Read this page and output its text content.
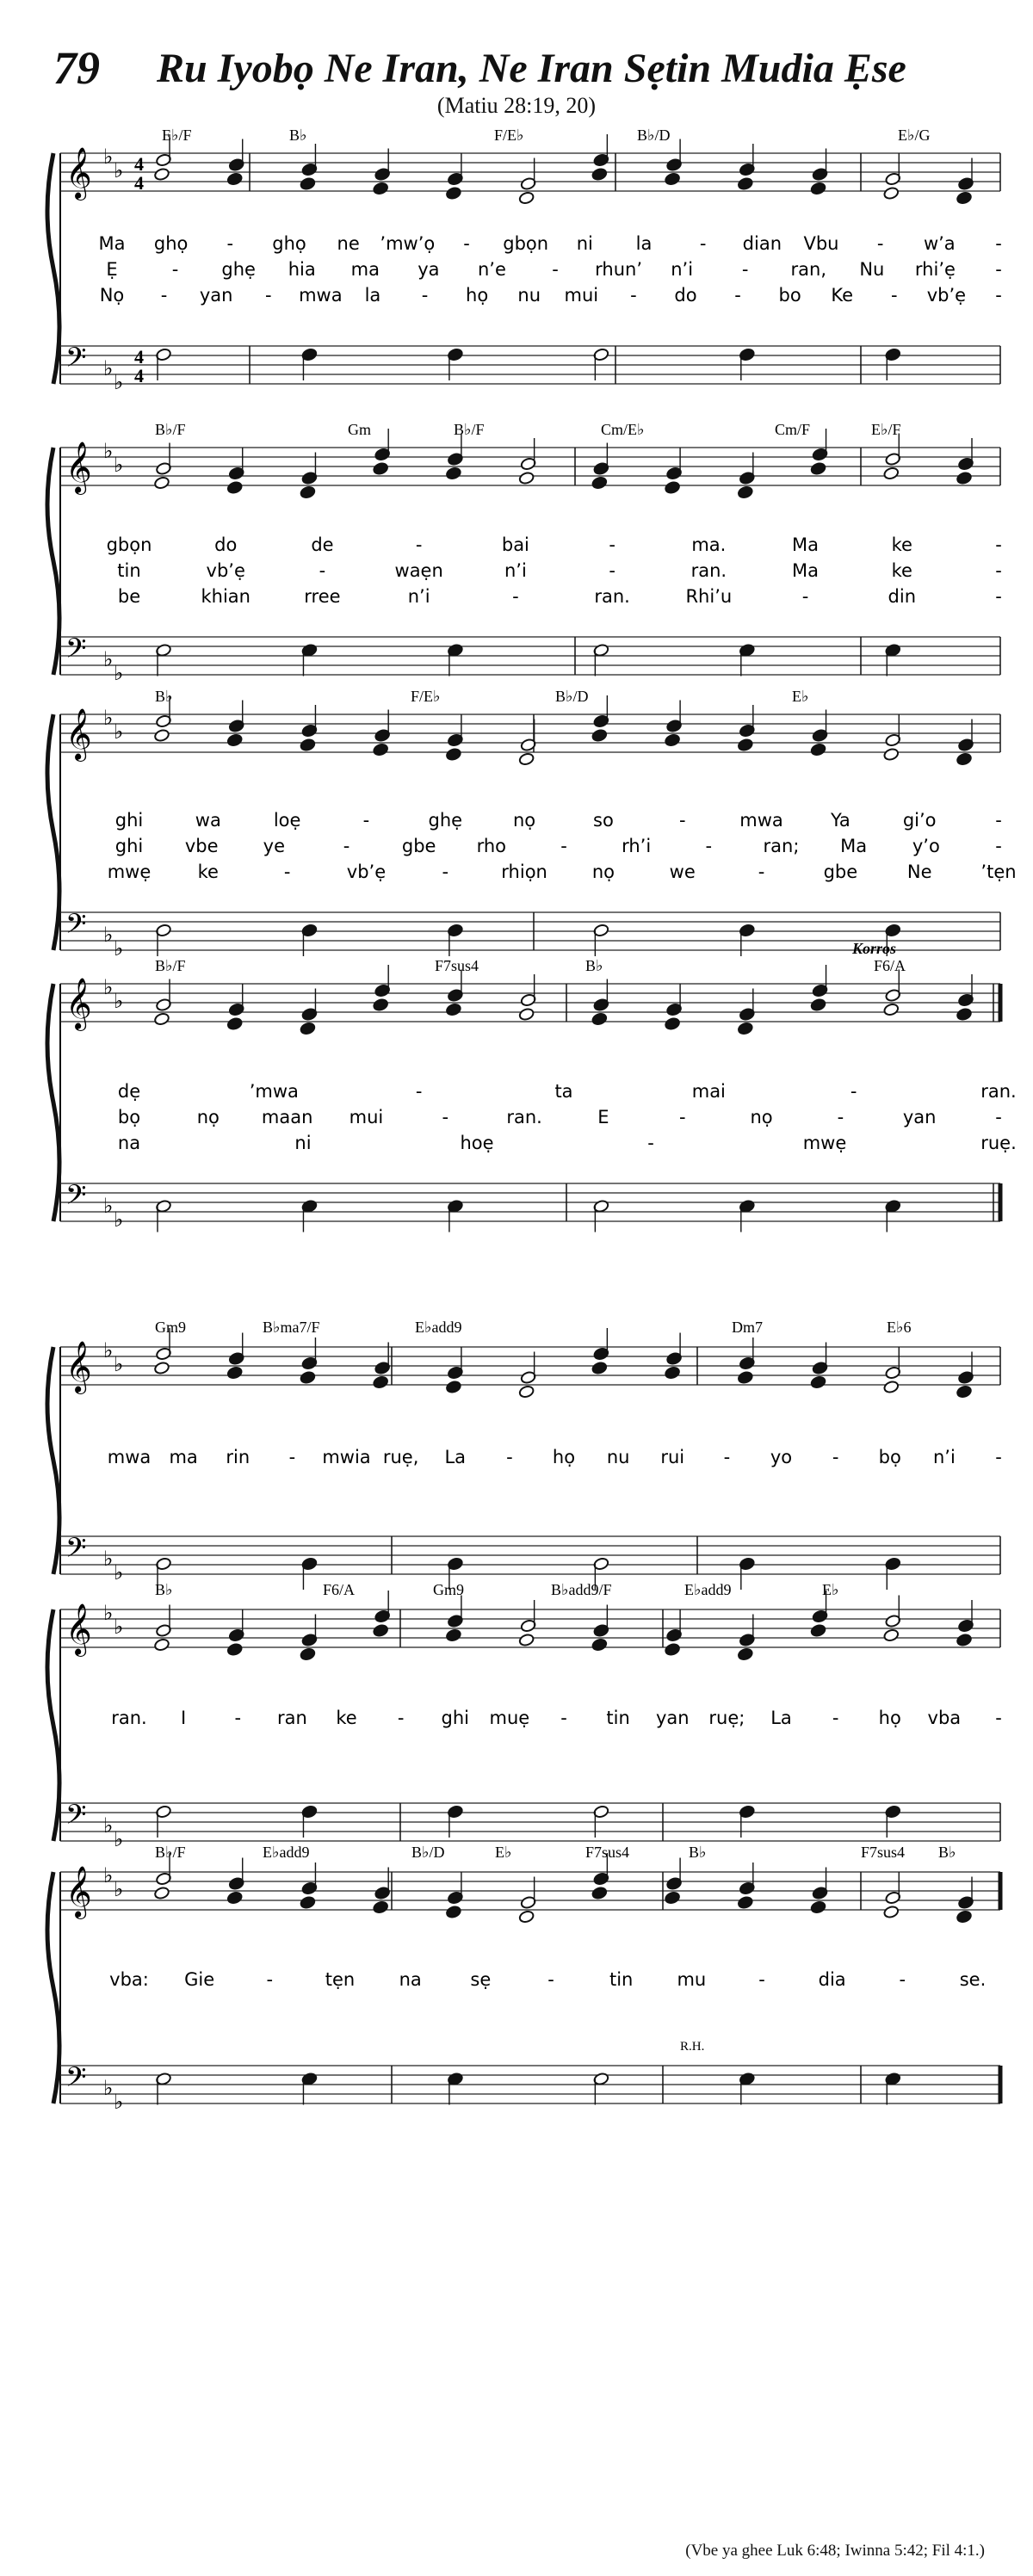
79 Ru Iyobọ Ne Iran, Ne Iran Sẹtin Mudia Ẹse
(Matiu 28:19, 20)
𝄞
𝄢
♭
♭
♭
♭
4
4
4
4
E♭/F	B♭	F/E♭	B♭/D	E♭/G
Ma ghọ - ghọ ne ’mw’ọ - gbọn ni la	- dian Vbu - w’a -
Ẹ	- ghẹ hia ma ya n’e	- rhun’ n’i	- ran, Nu rhi’ẹ -
Nọ - yan - mwa la - họ nu mui - do - bo Ke - vb’ẹ -
𝄞
𝄢
♭
♭
♭
♭
B♭/F	Gm	B♭/F	Cm/E♭	Cm/F	E♭/F
gbọn	do	de	-	bai	-	ma.	Ma	ke	-
tin	vb’ẹ	-	waẹn	n’i	-	ran.	Ma	ke	-
be	khian	rree	n’i	-	ran.	Rhi’u	-	din	-
𝄞
𝄢
♭
♭
♭
♭
B♭	F/E♭	B♭/D	E♭
ghi	wa	loẹ	-	ghẹ	nọ	so	-	mwa	Ya	gi’o	-
ghi vbe ye	-	gbe rho	-	rh’i	-	ran; Ma	y’o	-
mwẹ	ke	-	vb’ẹ	-	rhiọn nọ	we	-	gbe	Ne	’tẹn
𝄞
𝄢
♭
♭
♭
♭
B♭/F	F7sus4	B♭	F6/A
dẹ	’mwa	-	ta	mai	-	ran.
bọ	nọ maan mui	-	ran.	E	-	nọ	-	yan	-
na	ni	hoẹ	-	mwẹ	ruẹ.
Korros
𝄞
𝄢
♭
♭
♭
♭
Gm9	B♭ma7/F	E♭add9	Dm7	E♭6
mwa ma rin - mwia ruẹ, La - họ nu rui - yo - bọ n’i -
𝄞
𝄢
♭
♭
♭
♭
B♭	F6/A	Gm9	B♭add9/F	E♭add9	E♭
ran. I	- ran ke - ghi muẹ - tin yan ruẹ; La - họ vba -
𝄞
𝄢
♭
♭
♭
♭
B♭/F	E♭add9	B♭/D	E♭	F7sus4	B♭	F7sus4 B♭
vba: Gie	-	tẹn na	sẹ	-	tin mu	-	dia	-	se.
R.H.
(Vbe ya ghee Luk 6:48; Iwinna 5:42; Fil 4:1.)
